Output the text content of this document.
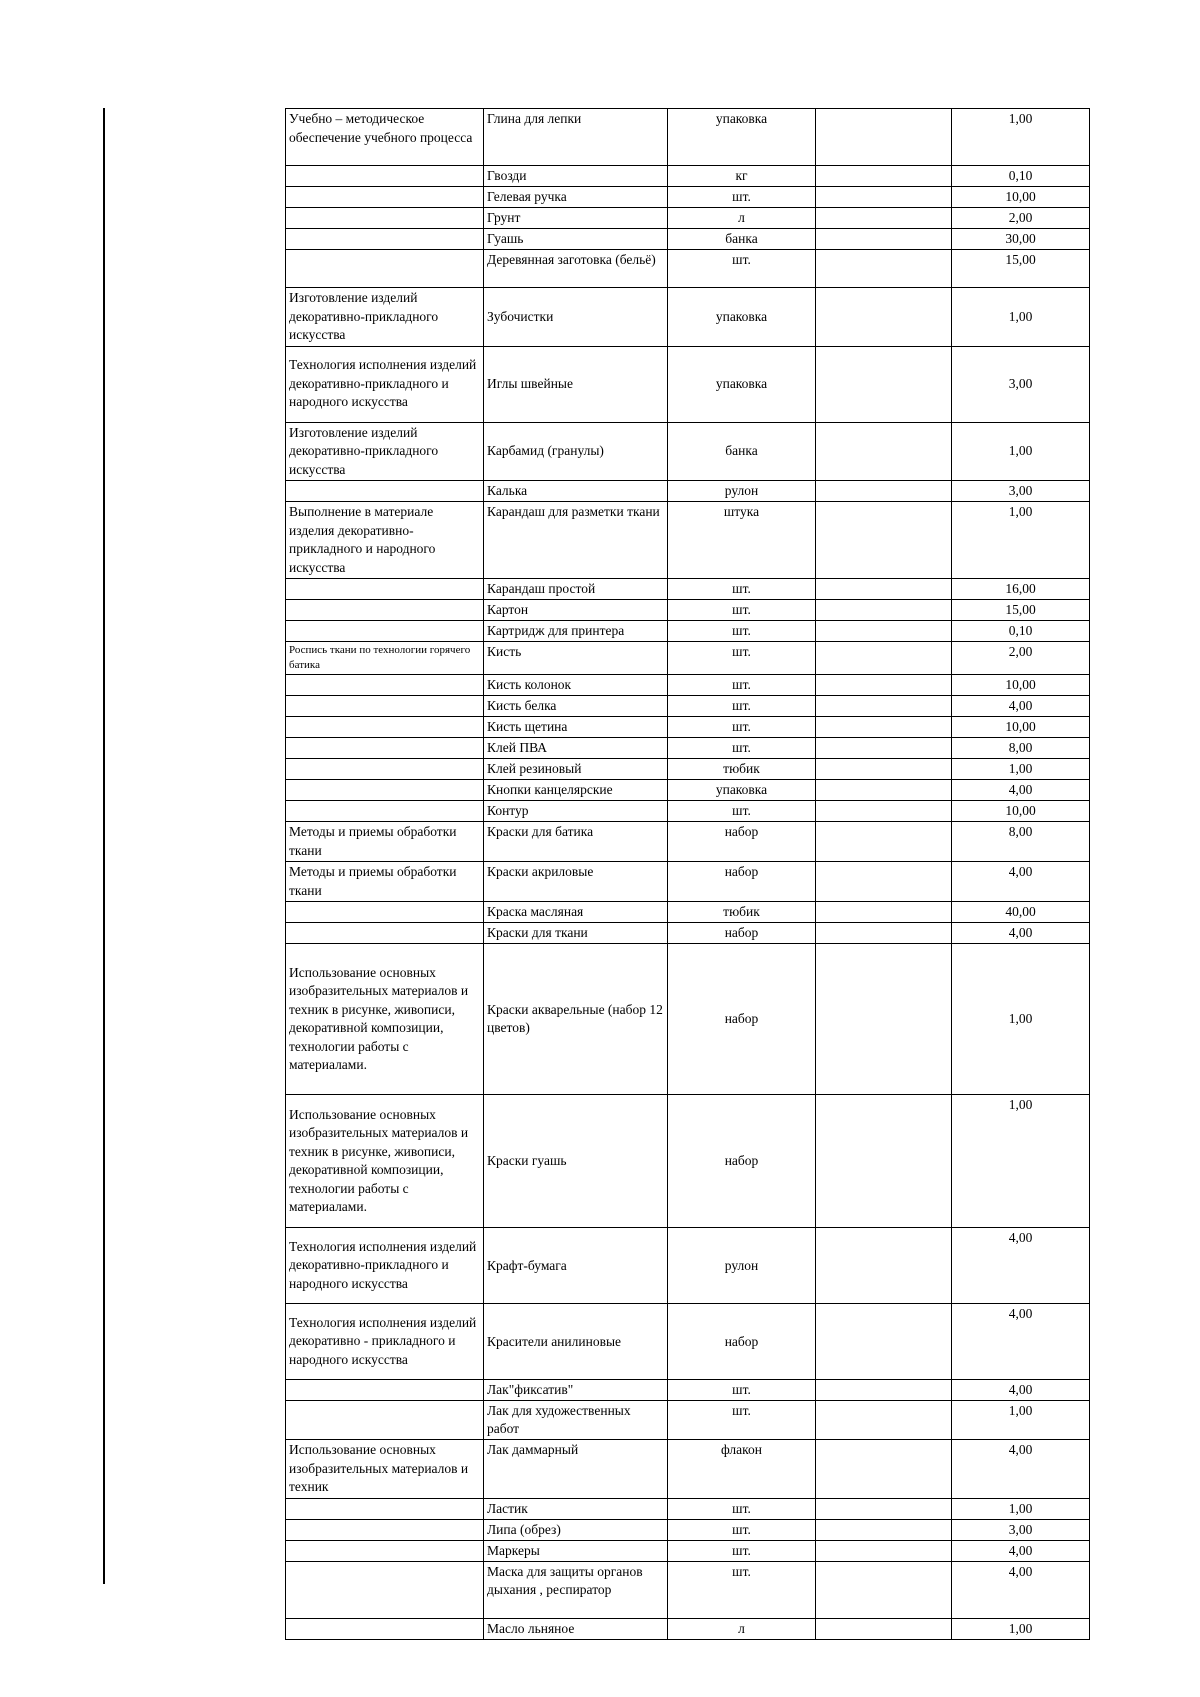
Учебно – методическое обеспечение учебного процесса	Глина для лепки	упаковка		1,00
	Гвозди	кг		0,10
	Гелевая ручка	шт.		10,00
	Грунт	л		2,00
	Гуашь	банка		30,00
	Деревянная заготовка (бельё)	шт.		15,00
Изготовление изделий декоративно-прикладного искусства	Зубочистки	упаковка		1,00
Технология исполнения изделий декоративно-прикладного и народного искусства	Иглы швейные	упаковка		3,00
Изготовление изделий декоративно-прикладного искусства	Карбамид (гранулы)	банка		1,00
	Калька	рулон		3,00
Выполнение в материале изделия декоративно-прикладного и народного искусства	Карандаш для разметки ткани	штука		1,00
	Карандаш простой	шт.		16,00
	Картон	шт.		15,00
	Картридж для принтера	шт.		0,10
Роспись ткани по технологии горячего батика	Кисть	шт.		2,00
	Кисть колонок	шт.		10,00
	Кисть белка	шт.		4,00
	Кисть щетина	шт.		10,00
	Клей ПВА	шт.		8,00
	Клей резиновый	тюбик		1,00
	Кнопки канцелярские	упаковка		4,00
	Контур	шт.		10,00
Методы и приемы обработки ткани	Краски для батика	набор		8,00
Методы и приемы обработки ткани	Краски акриловые	набор		4,00
	Краска масляная	тюбик		40,00
	Краски для ткани	набор		4,00
Использование основных изобразительных материалов и техник в рисунке, живописи, декоративной композиции, технологии работы с материалами.	Краски акварельные (набор 12 цветов)	набор		1,00
Использование основных изобразительных материалов и техник в рисунке, живописи, декоративной композиции, технологии работы с материалами.	Краски гуашь	набор		1,00
Технология исполнения изделий декоративно-прикладного и народного искусства	Крафт-бумага	рулон		4,00
Технология исполнения изделий декоративно - прикладного и народного искусства	Красители анилиновые	набор		4,00
	Лак"фиксатив"	шт.		4,00
	Лак для художественных работ	шт.		1,00
Использование основных изобразительных материалов и техник	Лак даммарный	флакон		4,00
	Ластик	шт.		1,00
	Липа (обрез)	шт.		3,00
	Маркеры	шт.		4,00
	Маска для защиты органов дыхания , респиратор	шт.		4,00
	Масло льняное	л		1,00
